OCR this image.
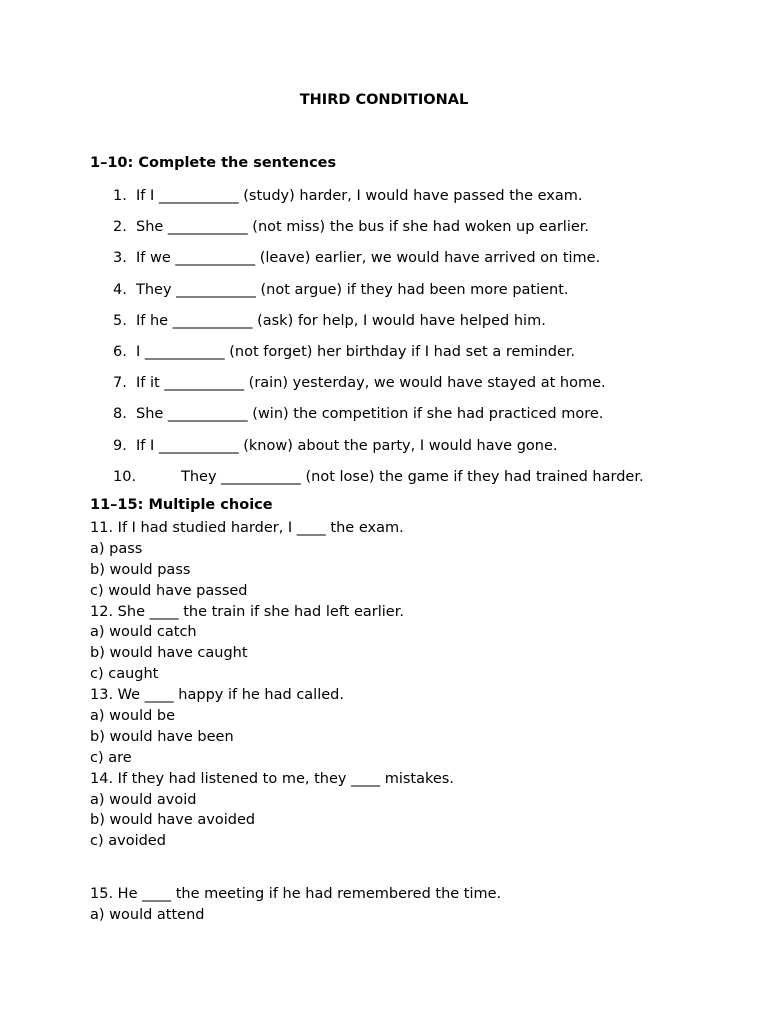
THIRD CONDITIONAL
1–10: Complete the sentences
1. If I ___________ (study) harder, I would have passed the exam.
2. She ___________ (not miss) the bus if she had woken up earlier.
3. If we ___________ (leave) earlier, we would have arrived on time.
4. They ___________ (not argue) if they had been more patient.
5. If he ___________ (ask) for help, I would have helped him.
6. I ___________ (not forget) her birthday if I had set a reminder.
7. If it ___________ (rain) yesterday, we would have stayed at home.
8. She ___________ (win) the competition if she had practiced more.
9. If I ___________ (know) about the party, I would have gone.
10.	They ___________ (not lose) the game if they had trained harder.
11–15: Multiple choice
11. If I had studied harder, I ____ the exam.
a) pass
b) would pass
c) would have passed
12. She ____ the train if she had left earlier.
a) would catch
b) would have caught
c) caught
13. We ____ happy if he had called.
a) would be
b) would have been
c) are
14. If they had listened to me, they ____ mistakes.
a) would avoid
b) would have avoided
c) avoided
15. He ____ the meeting if he had remembered the time.
a) would attend
